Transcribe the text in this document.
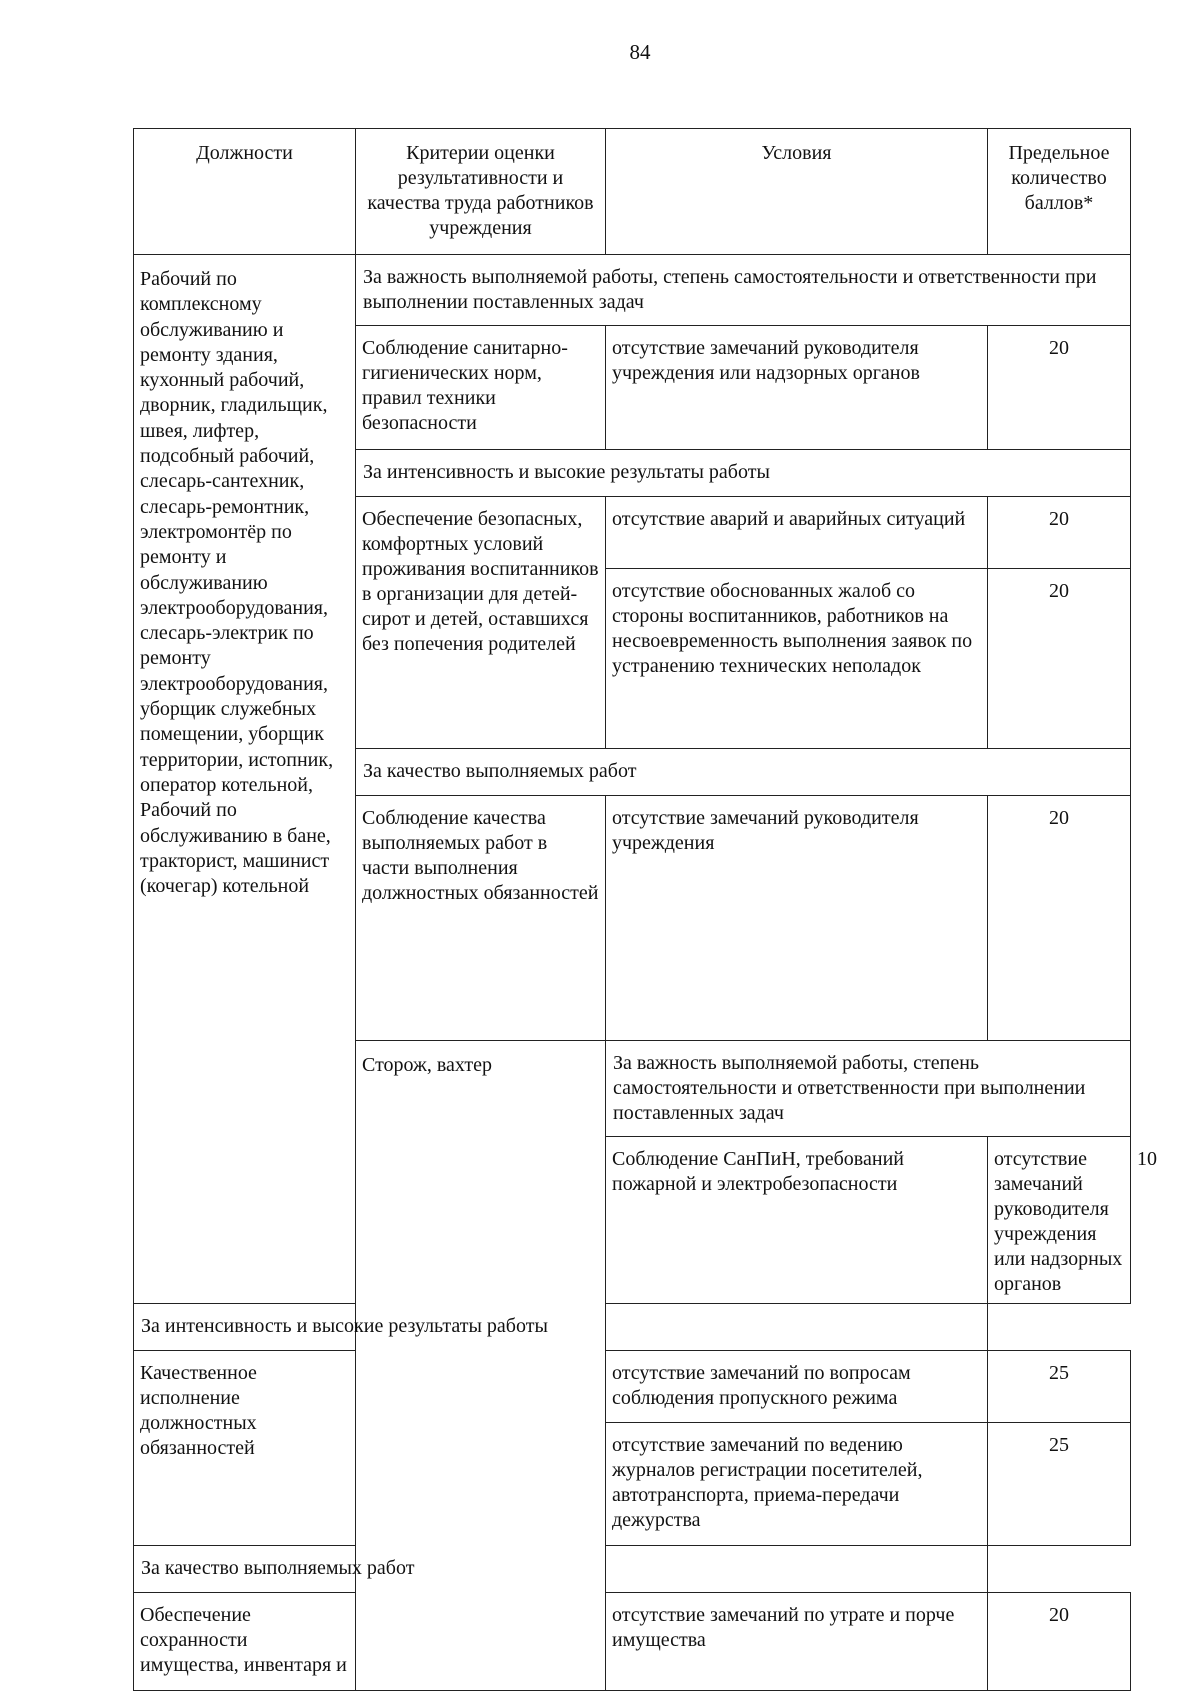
84
Должности	Критерии оценки результативности и качества труда работников учреждения	Условия	Предельное количество баллов*	
Рабочий по комплексному обслуживанию и ремонту здания, кухонный рабочий, дворник, гладильщик, швея, лифтер, подсобный рабочий, слесарь-сантехник, слесарь-ремонтник, электромонтёр по ремонту и обслуживанию электрооборудования, слесарь-электрик по ремонту электрооборудования, уборщик служебных помещении, уборщик территории, истопник, оператор котельной, Рабочий по обслуживанию в бане, тракторист, машинист (кочегар) котельной	За важность выполняемой работы, степень самостоятельности и ответственности при выполнении поставленных задач			
	Соблюдение санитарно-гигиенических норм, правил техники безопасности	отсутствие замечаний руководителя учреждения или надзорных органов	20	
	За интенсивность и высокие результаты работы			
	Обеспечение безопасных, комфортных условий проживания воспитанников в организации для детей-сирот и детей, оставшихся без попечения родителей	отсутствие аварий и аварийных ситуаций	20	
		отсутствие обоснованных жалоб со стороны воспитанников, работников на несвоевременность выполнения заявок по устранению технических неполадок	20	
	За качество выполняемых работ			
	Соблюдение качества выполняемых работ в части выполнения должностных обязанностей	отсутствие замечаний руководителя учреждения	20	
	Сторож, вахтер	За важность выполняемой работы, степень самостоятельности и ответственности при выполнении поставленных задач		
		Соблюдение СанПиН, требований пожарной и электробезопасности	отсутствие замечаний руководителя учреждения или надзорных органов	10
За интенсивность и высокие результаты работы				
Качественное исполнение должностных обязанностей		отсутствие замечаний по вопросам соблюдения пропускного режима	25	
		отсутствие замечаний по ведению журналов регистрации посетителей, автотранспорта, приема-передачи дежурства	25	
За качество выполняемых работ				
Обеспечение сохранности имущества, инвентаря и		отсутствие замечаний по утрате и порче имущества	20	
